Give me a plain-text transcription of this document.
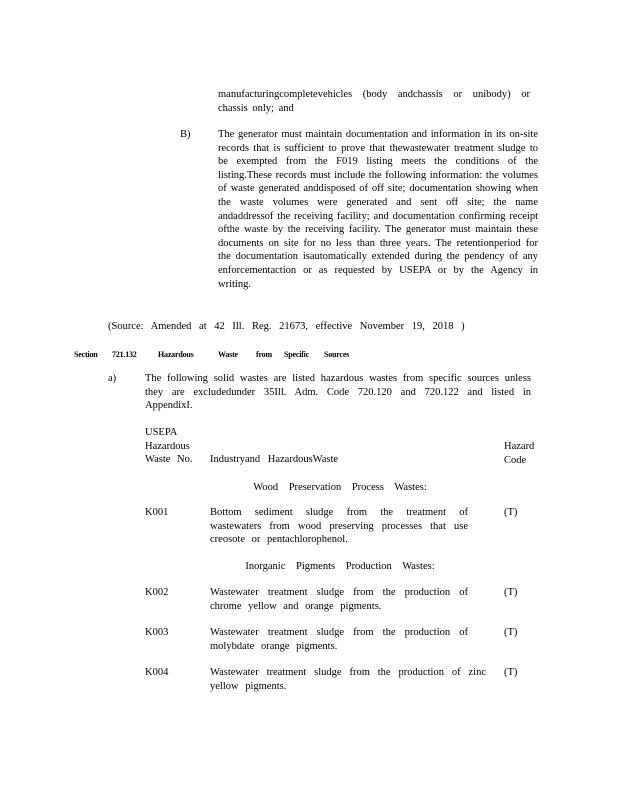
manufacturingcompletevehicles (body andchassis or unibody) or chassis only; and
B)	The generator must maintain documentation and information in its on-site records that is sufficient to prove that thewastewater treatment sludge to be exempted from the F019 listing meets the conditions of the listing.These records must include the following information: the volumes of waste generated anddisposed of off site; documentation showing when the waste volumes were generated and sent off site; the name andaddressof the receiving facility; and documentation confirming receipt ofthe waste by the receiving facility. The generator must maintain these documents on site for no less than three years. The retentionperiod for the documentation isautomatically extended during the pendency of any enforcementaction or as requested by USEPA or by the Agency in writing.
(Source: Amended at 42 Ill. Reg. 21673, effective November 19, 2018 )
Section 721.132	Hazardous	Waste from Specific Sources
a)	The following solid wastes are listed hazardous wastes from specific sources unless they are excludedunder 35Ill. Adm. Code 720.120 and 720.122 and listed in AppendixI.
USEPA
Hazardous
Waste No. Industryand HazardousWaste
Hazard
Code
Wood Preservation Process Wastes:
K001	Bottom sediment sludge from the treatment of wastewaters from wood preserving processes that use creosote or pentachlorophenol.
(T)
Inorganic Pigments Production Wastes:
K002	Wastewater treatment sludge from the production of chrome yellow and orange pigments.
(T)
K003	Wastewater treatment sludge from the production of molybdate orange pigments.
(T)
K004	Wastewater treatment sludge from the production of zinc yellow pigments.
(T)
